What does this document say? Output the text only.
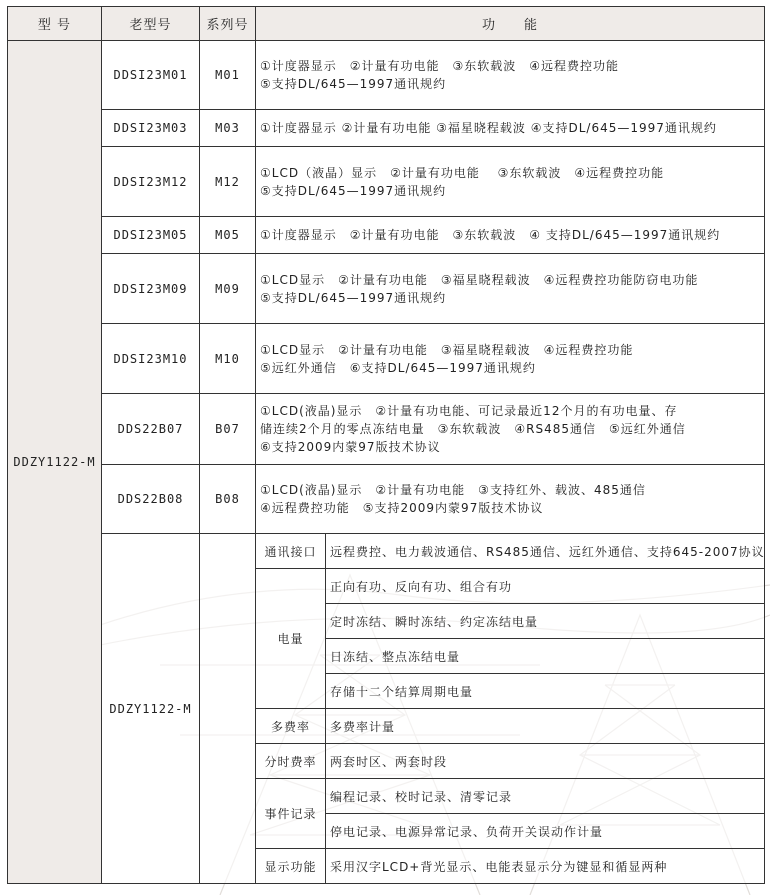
型 号	老型号	系列号	功　　能	
DDZY1122-M	DDSI23M01	M01	①计度器显示　②计量有功电能　③东软载波　④远程费控功能
⑤支持DL/645—1997通讯规约	

	DDSI23M03	M03	①计度器显示 ②计量有功电能 ③福星晓程载波 ④支持DL/645—1997通讯规约	

	DDSI23M12	M12	①LCD（液晶）显示　②计量有功电能　 ③东软载波　④远程费控功能
⑤支持DL/645—1997通讯规约	

	DDSI23M05	M05	①计度器显示　②计量有功电能　③东软载波　④ 支持DL/645—1997通讯规约	

	DDSI23M09	M09	①LCD显示　②计量有功电能　③福星晓程载波　④远程费控功能防窃电功能
⑤支持DL/645—1997通讯规约	

	DDSI23M10	M10	①LCD显示　②计量有功电能　③福星晓程载波　④远程费控功能
⑤远红外通信　⑥支持DL/645—1997通讯规约	

	DDS22B07	B07	①LCD(液晶)显示　②计量有功电能、可记录最近12个月的有功电量、存
储连续2个月的零点冻结电量　③东软载波　④RS485通信　⑤远红外通信
⑥支持2009内蒙97版技术协议	

	DDS22B08	B08	①LCD(液晶)显示　②计量有功电能　③支持红外、载波、485通信
④远程费控功能　⑤支持2009内蒙97版技术协议	

	DDZY1122-M		通讯接口	远程费控、电力载波通信、RS485通信、远红外通信、支持645-2007协议
			电量	正向有功、反向有功、组合有功
				定时冻结、瞬时冻结、约定冻结电量
				日冻结、整点冻结电量
				存储十二个结算周期电量
			多费率	多费率计量
			分时费率	两套时区、两套时段
			事件记录	编程记录、校时记录、清零记录
				停电记录、电源异常记录、负荷开关误动作计量
			显示功能	采用汉字LCD+背光显示、电能表显示分为键显和循显两种
